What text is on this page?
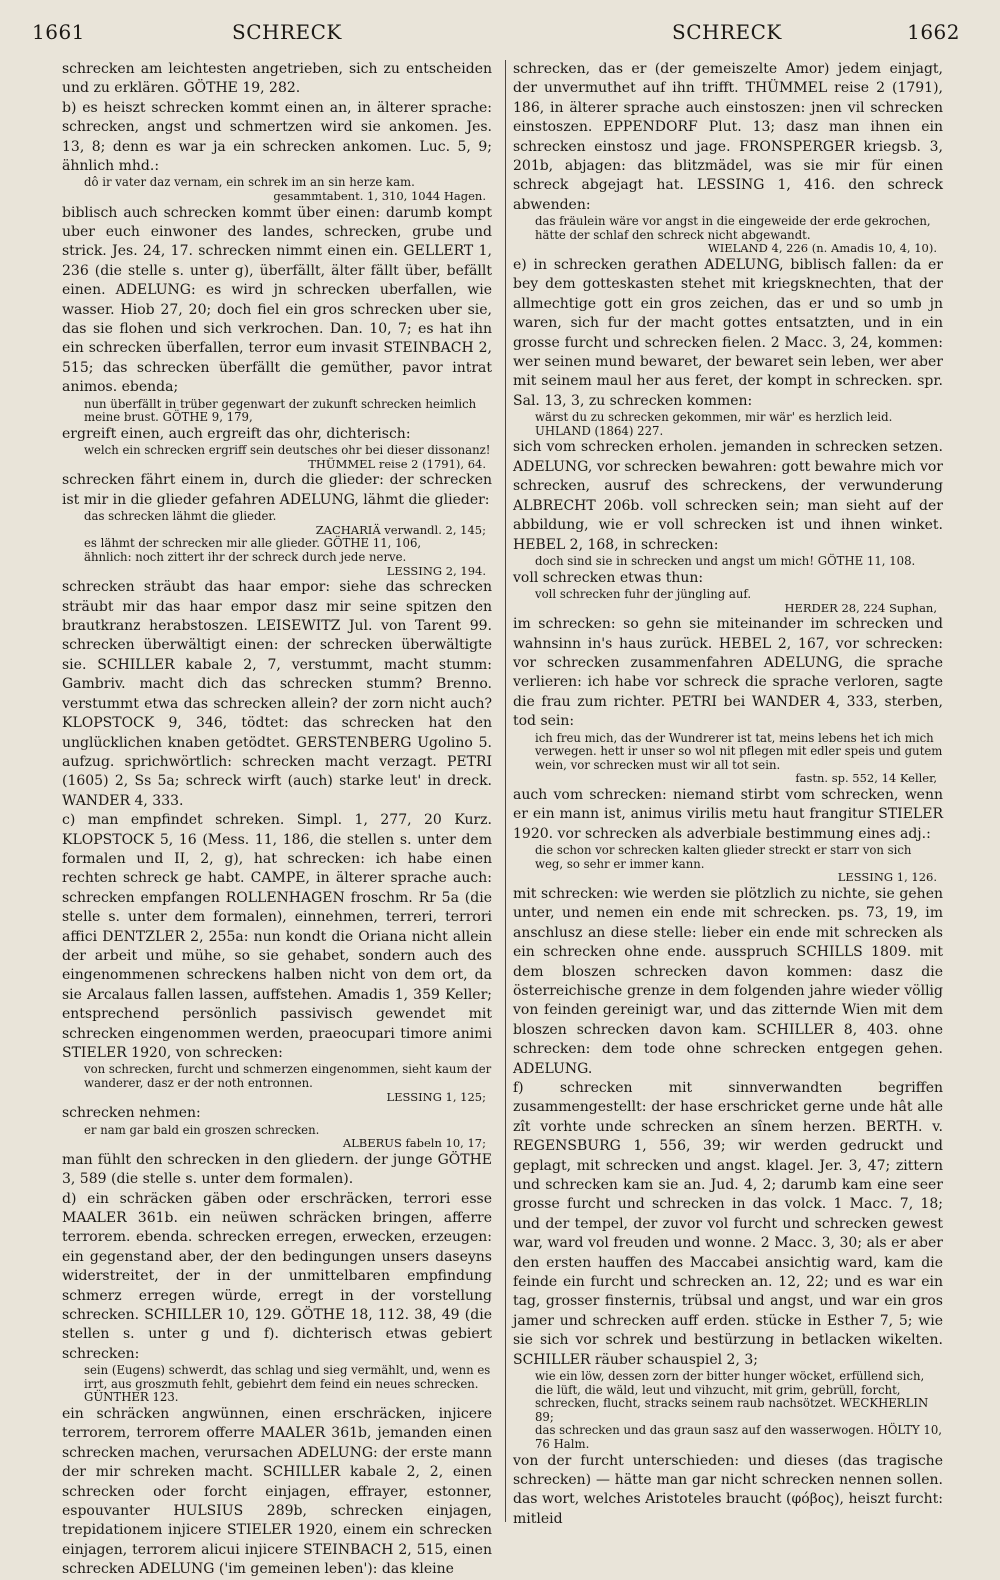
1661	SCHRECK	SCHRECK	1662

schrecken am leichtesten angetrieben, sich zu entscheiden und zu erklären. GÖTHE 19, 282.

b) es heiszt schrecken kommt einen an, in älterer sprache: schrecken, angst und schmertzen wird sie ankomen. Jes. 13, 8; denn es war ja ein schrecken ankomen. Luc. 5, 9; ähnlich mhd.:

dô ir vater daz vernam, ein schrek im an sin herze kam.

gesammtabent. 1, 310, 1044 Hagen.

biblisch auch schrecken kommt über einen: darumb kompt uber euch einwoner des landes, schrecken, grube und strick. Jes. 24, 17. schrecken nimmt einen ein. GELLERT 1, 236 (die stelle s. unter g), überfällt, älter fällt über, befällt einen. ADELUNG: es wird jn schrecken uberfallen, wie wasser. Hiob 27, 20; doch fiel ein gros schrecken uber sie, das sie flohen und sich verkrochen. Dan. 10, 7; es hat ihn ein schrecken überfallen, terror eum invasit STEINBACH 2, 515; das schrecken überfällt die gemüther, pavor intrat animos. ebenda;

nun überfällt in trüber gegenwart der zukunft schrecken heimlich meine brust. GÖTHE 9, 179,

ergreift einen, auch ergreift das ohr, dichterisch:

welch ein schrecken ergriff sein deutsches ohr bei dieser dissonanz!

THÜMMEL reise 2 (1791), 64.

schrecken fährt einem in, durch die glieder: der schrecken ist mir in die glieder gefahren ADELUNG, lähmt die glieder:

das schrecken lähmt die glieder.

ZACHARIÄ verwandl. 2, 145;

es lähmt der schrecken mir alle glieder. GÖTHE 11, 106,

ähnlich: noch zittert ihr der schreck durch jede nerve.

LESSING 2, 194.

schrecken sträubt das haar empor: siehe das schrecken sträubt mir das haar empor dasz mir seine spitzen den brautkranz herabstoszen. LEISEWITZ Jul. von Tarent 99. schrecken überwältigt einen: der schrecken überwältigte sie. SCHILLER kabale 2, 7, verstummt, macht stumm: Gambriv. macht dich das schrecken stumm? Brenno. verstummt etwa das schrecken allein? der zorn nicht auch? KLOPSTOCK 9, 346, tödtet: das schrecken hat den unglücklichen knaben getödtet. GERSTENBERG Ugolino 5. aufzug. sprichwörtlich: schrecken macht verzagt. PETRI (1605) 2, Ss 5a; schreck wirft (auch) starke leut' in dreck. WANDER 4, 333.

c) man empfindet schreken. Simpl. 1, 277, 20 Kurz. KLOPSTOCK 5, 16 (Mess. 11, 186, die stellen s. unter dem formalen und II, 2, g), hat schrecken: ich habe einen rechten schreck ge habt. CAMPE, in älterer sprache auch: schrecken empfangen ROLLENHAGEN froschm. Rr 5a (die stelle s. unter dem formalen), einnehmen, terreri, terrori affici DENTZLER 2, 255a: nun kondt die Oriana nicht allein der arbeit und mühe, so sie gehabet, sondern auch des eingenommenen schreckens halben nicht von dem ort, da sie Arcalaus fallen lassen, auffstehen. Amadis 1, 359 Keller; entsprechend persönlich passivisch gewendet mit schrecken eingenommen werden, praeocupari timore animi STIELER 1920, von schrecken:

von schrecken, furcht und schmerzen eingenommen, sieht kaum der wanderer, dasz er der noth entronnen.

LESSING 1, 125;

schrecken nehmen:

er nam gar bald ein groszen schrecken.

ALBERUS fabeln 10, 17;

man fühlt den schrecken in den gliedern. der junge GÖTHE 3, 589 (die stelle s. unter dem formalen).

d) ein schräcken gäben oder erschräcken, terrori esse MAALER 361b. ein neüwen schräcken bringen, afferre terrorem. ebenda. schrecken erregen, erwecken, erzeugen: ein gegenstand aber, der den bedingungen unsers daseyns widerstreitet, der in der unmittelbaren empfindung schmerz erregen würde, erregt in der vorstellung schrecken. SCHILLER 10, 129. GÖTHE 18, 112. 38, 49 (die stellen s. unter g und f). dichterisch etwas gebiert schrecken:

sein (Eugens) schwerdt, das schlag und sieg vermählt, und, wenn es irrt, aus groszmuth fehlt, gebiehrt dem feind ein neues schrecken. GÜNTHER 123.

ein schräcken angwünnen, einen erschräcken, injicere terrorem, terrorem offerre MAALER 361b, jemanden einen schrecken machen, verursachen ADELUNG: der erste mann der mir schreken macht. SCHILLER kabale 2, 2, einen schrecken oder forcht einjagen, effrayer, estonner, espouvanter HULSIUS 289b, schrecken einjagen, trepidationem injicere STIELER 1920, einem ein schrecken einjagen, terrorem alicui injicere STEINBACH 2, 515, einen schrecken ADELUNG ('im gemeinen leben'): das kleine

schrecken, das er (der gemeiszelte Amor) jedem einjagt, der unvermuthet auf ihn trifft. THÜMMEL reise 2 (1791), 186, in älterer sprache auch einstoszen: jnen vil schrecken einstoszen. EPPENDORF Plut. 13; dasz man ihnen ein schrecken einstosz und jage. FRONSPERGER kriegsb. 3, 201b, abjagen: das blitzmädel, was sie mir für einen schreck abgejagt hat. LESSING 1, 416. den schreck abwenden:

das fräulein wäre vor angst in die eingeweide der erde gekrochen, hätte der schlaf den schreck nicht abgewandt.

WIELAND 4, 226 (n. Amadis 10, 4, 10).

e) in schrecken gerathen ADELUNG, biblisch fallen: da er bey dem gotteskasten stehet mit kriegsknechten, that der allmechtige gott ein gros zeichen, das er und so umb jn waren, sich fur der macht gottes entsatzten, und in ein grosse furcht und schrecken fielen. 2 Macc. 3, 24, kommen: wer seinen mund bewaret, der bewaret sein leben, wer aber mit seinem maul her aus feret, der kompt in schrecken. spr. Sal. 13, 3, zu schrecken kommen:

wärst du zu schrecken gekommen, mir wär' es herzlich leid. UHLAND (1864) 227.

sich vom schrecken erholen. jemanden in schrecken setzen. ADELUNG, vor schrecken bewahren: gott bewahre mich vor schrecken, ausruf des schreckens, der verwunderung ALBRECHT 206b. voll schrecken sein; man sieht auf der abbildung, wie er voll schrecken ist und ihnen winket. HEBEL 2, 168, in schrecken:

doch sind sie in schrecken und angst um mich! GÖTHE 11, 108.

voll schrecken etwas thun:

voll schrecken fuhr der jüngling auf.

HERDER 28, 224 Suphan,

im schrecken: so gehn sie miteinander im schrecken und wahnsinn in's haus zurück. HEBEL 2, 167, vor schrecken: vor schrecken zusammenfahren ADELUNG, die sprache verlieren: ich habe vor schreck die sprache verloren, sagte die frau zum richter. PETRI bei WANDER 4, 333, sterben, tod sein:

ich freu mich, das der Wundrerer ist tat, meins lebens het ich mich verwegen. hett ir unser so wol nit pflegen mit edler speis und gutem wein, vor schrecken must wir all tot sein.

fastn. sp. 552, 14 Keller,

auch vom schrecken: niemand stirbt vom schrecken, wenn er ein mann ist, animus virilis metu haut frangitur STIELER 1920. vor schrecken als adverbiale bestimmung eines adj.:

die schon vor schrecken kalten glieder streckt er starr von sich weg, so sehr er immer kann.

LESSING 1, 126.

mit schrecken: wie werden sie plötzlich zu nichte, sie gehen unter, und nemen ein ende mit schrecken. ps. 73, 19, im anschlusz an diese stelle: lieber ein ende mit schrecken als ein schrecken ohne ende. ausspruch SCHILLS 1809. mit dem bloszen schrecken davon kommen: dasz die österreichische grenze in dem folgenden jahre wieder völlig von feinden gereinigt war, und das zitternde Wien mit dem bloszen schrecken davon kam. SCHILLER 8, 403. ohne schrecken: dem tode ohne schrecken entgegen gehen. ADELUNG.

f) schrecken mit sinnverwandten begriffen zusammengestellt: der hase erschricket gerne unde hât alle zît vorhte unde schrecken an sînem herzen. BERTH. v. REGENSBURG 1, 556, 39; wir werden gedruckt und geplagt, mit schrecken und angst. klagel. Jer. 3, 47; zittern und schrecken kam sie an. Jud. 4, 2; darumb kam eine seer grosse furcht und schrecken in das volck. 1 Macc. 7, 18; und der tempel, der zuvor vol furcht und schrecken gewest war, ward vol freuden und wonne. 2 Macc. 3, 30; als er aber den ersten hauffen des Maccabei ansichtig ward, kam die feinde ein furcht und schrecken an. 12, 22; und es war ein tag, grosser finsternis, trübsal und angst, und war ein gros jamer und schrecken auff erden. stücke in Esther 7, 5; wie sie sich vor schrek und bestürzung in betlacken wikelten. SCHILLER räuber schauspiel 2, 3;

wie ein löw, dessen zorn der bitter hunger wöcket, erfüllend sich, die lüft, die wäld, leut und vihzucht, mit grim, gebrüll, forcht, schrecken, flucht, stracks seinem raub nachsötzet. WECKHERLIN 89;

das schrecken und das graun sasz auf den wasserwogen. HÖLTY 10, 76 Halm.

von der furcht unterschieden: und dieses (das tragische schrecken) — hätte man gar nicht schrecken nennen sollen. das wort, welches Aristoteles braucht (φόβος), heiszt furcht: mitleid
